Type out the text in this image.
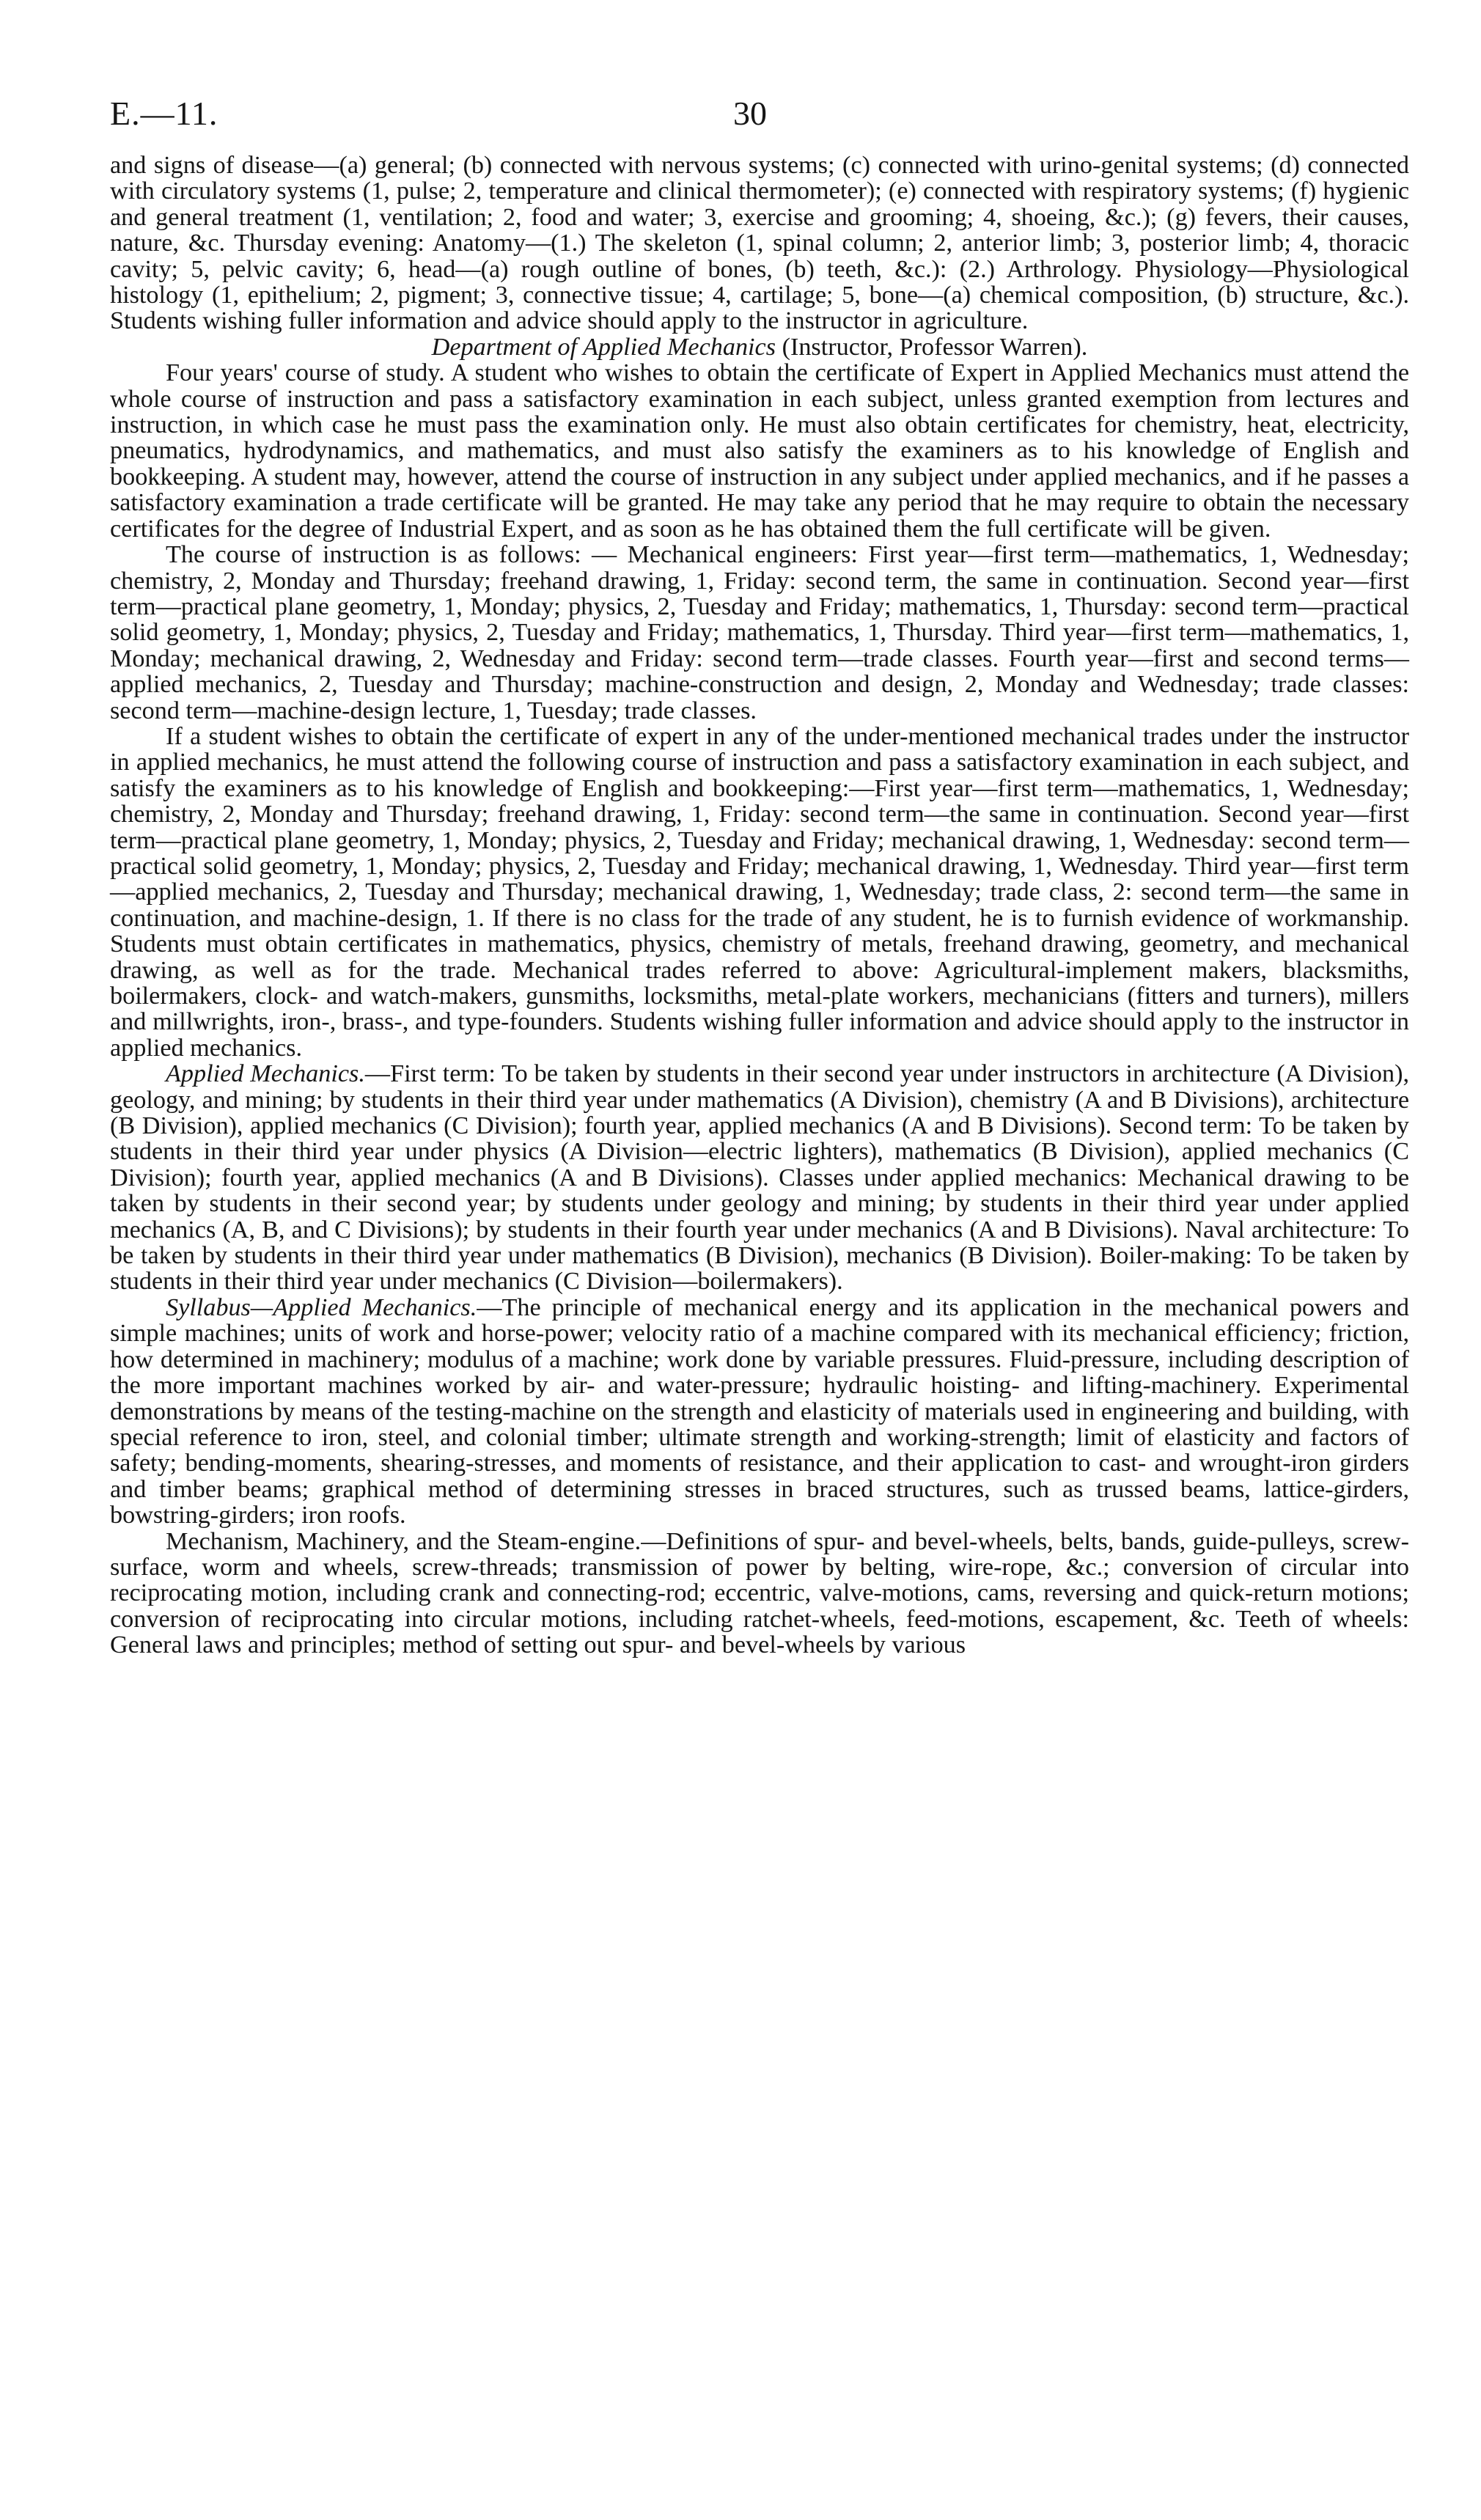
E.—11.	30

and signs of disease—(a) general; (b) connected with nervous systems; (c) connected with urino-genital systems; (d) connected with circulatory systems (1, pulse; 2, temperature and clinical thermometer); (e) connected with respiratory systems; (f) hygienic and general treatment (1, ventilation; 2, food and water; 3, exercise and grooming; 4, shoeing, &c.); (g) fevers, their causes, nature, &c. Thursday evening: Anatomy—(1.) The skeleton (1, spinal column; 2, anterior limb; 3, posterior limb; 4, thoracic cavity; 5, pelvic cavity; 6, head—(a) rough outline of bones, (b) teeth, &c.): (2.) Arthrology. Physiology—Physiological histology (1, epithelium; 2, pigment; 3, connective tissue; 4, cartilage; 5, bone—(a) chemical composition, (b) structure, &c.). Students wishing fuller information and advice should apply to the instructor in agriculture.

Department of Applied Mechanics (Instructor, Professor Warren).

Four years' course of study. A student who wishes to obtain the certificate of Expert in Applied Mechanics must attend the whole course of instruction and pass a satisfactory examination in each subject, unless granted exemption from lectures and instruction, in which case he must pass the examination only. He must also obtain certificates for chemistry, heat, electricity, pneumatics, hydrodynamics, and mathematics, and must also satisfy the examiners as to his knowledge of English and bookkeeping. A student may, however, attend the course of instruction in any subject under applied mechanics, and if he passes a satisfactory examination a trade certificate will be granted. He may take any period that he may require to obtain the necessary certificates for the degree of Industrial Expert, and as soon as he has obtained them the full certificate will be given.

The course of instruction is as follows: — Mechanical engineers: First year—first term—mathematics, 1, Wednesday; chemistry, 2, Monday and Thursday; freehand drawing, 1, Friday: second term, the same in continuation. Second year—first term—practical plane geometry, 1, Monday; physics, 2, Tuesday and Friday; mathematics, 1, Thursday: second term—practical solid geometry, 1, Monday; physics, 2, Tuesday and Friday; mathematics, 1, Thursday. Third year—first term—mathematics, 1, Monday; mechanical drawing, 2, Wednesday and Friday: second term—trade classes. Fourth year—first and second terms—applied mechanics, 2, Tuesday and Thursday; machine-construction and design, 2, Monday and Wednesday; trade classes: second term—machine-design lecture, 1, Tuesday; trade classes.

If a student wishes to obtain the certificate of expert in any of the under-mentioned mechanical trades under the instructor in applied mechanics, he must attend the following course of instruction and pass a satisfactory examination in each subject, and satisfy the examiners as to his knowledge of English and bookkeeping:—First year—first term—mathematics, 1, Wednesday; chemistry, 2, Monday and Thursday; freehand drawing, 1, Friday: second term—the same in continuation. Second year—first term—practical plane geometry, 1, Monday; physics, 2, Tuesday and Friday; mechanical drawing, 1, Wednesday: second term—practical solid geometry, 1, Monday; physics, 2, Tuesday and Friday; mechanical drawing, 1, Wednesday. Third year—first term—applied mechanics, 2, Tuesday and Thursday; mechanical drawing, 1, Wednesday; trade class, 2: second term—the same in continuation, and machine-design, 1. If there is no class for the trade of any student, he is to furnish evidence of workmanship. Students must obtain certificates in mathematics, physics, chemistry of metals, freehand drawing, geometry, and mechanical drawing, as well as for the trade. Mechanical trades referred to above: Agricultural-implement makers, blacksmiths, boilermakers, clock- and watch-makers, gunsmiths, locksmiths, metal-plate workers, mechanicians (fitters and turners), millers and millwrights, iron-, brass-, and type-founders. Students wishing fuller information and advice should apply to the instructor in applied mechanics.

Applied Mechanics.—First term: To be taken by students in their second year under instructors in architecture (A Division), geology, and mining; by students in their third year under mathematics (A Division), chemistry (A and B Divisions), architecture (B Division), applied mechanics (C Division); fourth year, applied mechanics (A and B Divisions). Second term: To be taken by students in their third year under physics (A Division—electric lighters), mathematics (B Division), applied mechanics (C Division); fourth year, applied mechanics (A and B Divisions). Classes under applied mechanics: Mechanical drawing to be taken by students in their second year; by students under geology and mining; by students in their third year under applied mechanics (A, B, and C Divisions); by students in their fourth year under mechanics (A and B Divisions). Naval architecture: To be taken by students in their third year under mathematics (B Division), mechanics (B Division). Boiler-making: To be taken by students in their third year under mechanics (C Division—boilermakers).

Syllabus—Applied Mechanics.—The principle of mechanical energy and its application in the mechanical powers and simple machines; units of work and horse-power; velocity ratio of a machine compared with its mechanical efficiency; friction, how determined in machinery; modulus of a machine; work done by variable pressures. Fluid-pressure, including description of the more important machines worked by air- and water-pressure; hydraulic hoisting- and lifting-machinery. Experimental demonstrations by means of the testing-machine on the strength and elasticity of materials used in engineering and building, with special reference to iron, steel, and colonial timber; ultimate strength and working-strength; limit of elasticity and factors of safety; bending-moments, shearing-stresses, and moments of resistance, and their application to cast- and wrought-iron girders and timber beams; graphical method of determining stresses in braced structures, such as trussed beams, lattice-girders, bowstring-girders; iron roofs.

Mechanism, Machinery, and the Steam-engine.—Definitions of spur- and bevel-wheels, belts, bands, guide-pulleys, screw-surface, worm and wheels, screw-threads; transmission of power by belting, wire-rope, &c.; conversion of circular into reciprocating motion, including crank and connecting-rod; eccentric, valve-motions, cams, reversing and quick-return motions; conversion of reciprocating into circular motions, including ratchet-wheels, feed-motions, escapement, &c. Teeth of wheels: General laws and principles; method of setting out spur- and bevel-wheels by various
